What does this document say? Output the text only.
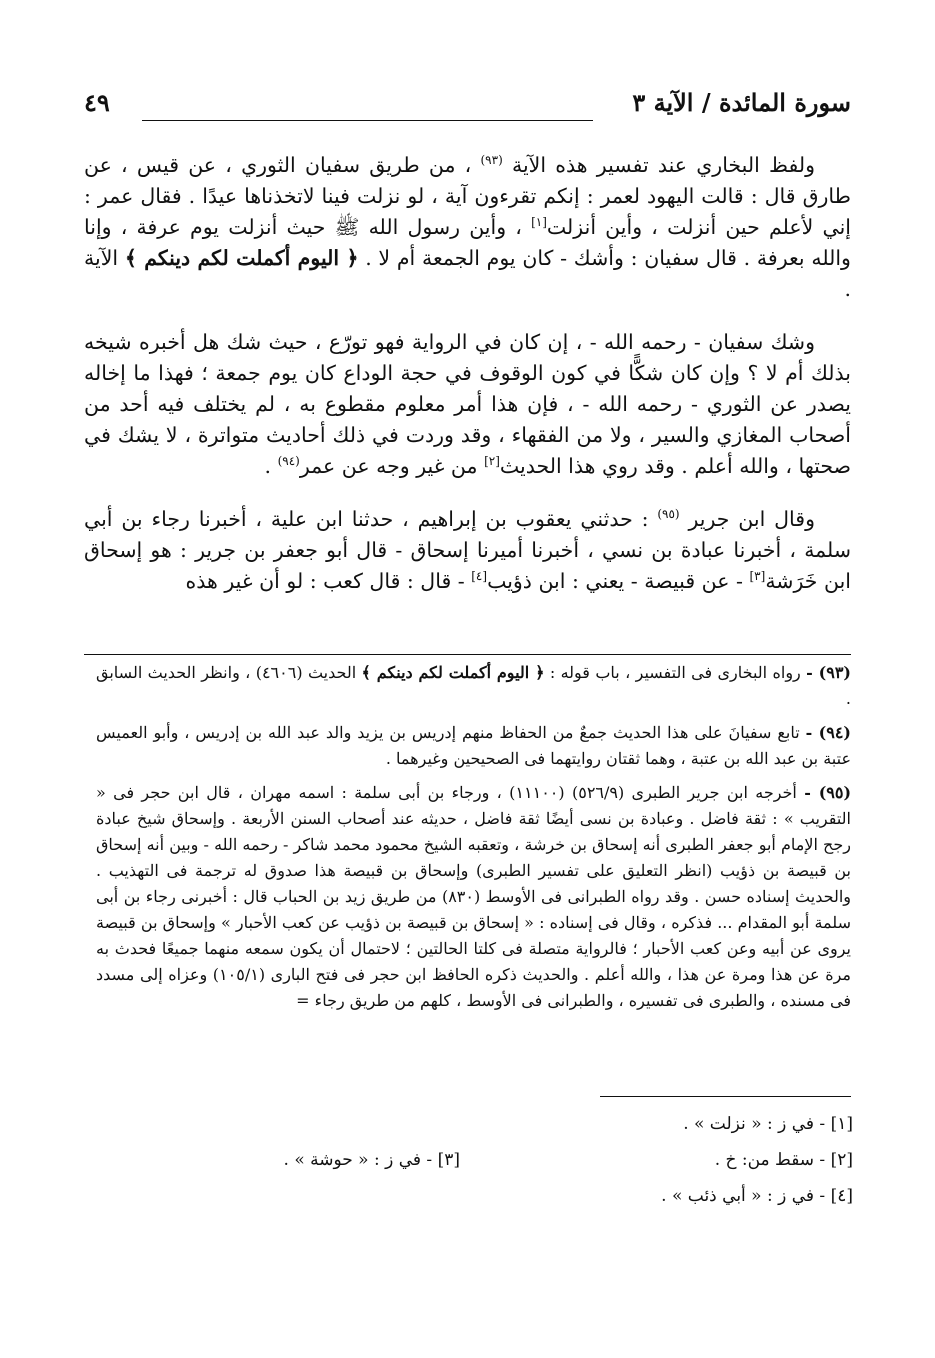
سورة المائدة / الآية ٣
٤٩

ولفظ البخاري عند تفسير هذه الآية $^{(٩٣)}$ ، من طريق سفيان الثوري ، عن قيس ، عن طارق قال : قالت اليهود لعمر : إنكم تقرءون آية ، لو نزلت فينا لاتخذناها عيدًا . فقال عمر : إني لأعلم حين أنزلت ، وأين أنزلت[١] ، وأين رسول الله ﷺ حيث أنزلت يوم عرفة ، وإنا والله بعرفة . قال سفيان : وأشك - كان يوم الجمعة أم لا . ﴿ اليوم أكملت لكم دينكم ﴾ الآية .

وشك سفيان - رحمه الله - ، إن كان في الرواية فهو تورّع ، حيث شك هل أخبره شيخه بذلك أم لا ؟ وإن كان شكًّا في كون الوقوف في حجة الوداع كان يوم جمعة ؛ فهذا ما إخاله يصدر عن الثوري - رحمه الله - ، فإن هذا أمر معلوم مقطوع به ، لم يختلف فيه أحد من أصحاب المغازي والسير ، ولا من الفقهاء ، وقد وردت في ذلك أحاديث متواترة ، لا يشك في صحتها ، والله أعلم . وقد روي هذا الحديث[٢] من غير وجه عن عمر$^{(٩٤)}$ .

وقال ابن جرير $^{(٩٥)}$ : حدثني يعقوب بن إبراهيم ، حدثنا ابن علية ، أخبرنا رجاء بن أبي سلمة ، أخبرنا عبادة بن نسي ، أخبرنا أميرنا إسحاق - قال أبو جعفر بن جرير : هو إسحاق ابن خَرَشة[٣] - عن قبيصة - يعني : ابن ذؤيب[٤] - قال : قال كعب : لو أن غير هذه

(٩٣) - رواه البخارى فى التفسير ، باب قوله : ﴿ اليوم أكملت لكم دينكم ﴾ الحديث (٤٦٠٦) ، وانظر الحديث السابق .

(٩٤) - تابع سفيانَ على هذا الحديث جمعٌ من الحفاظ منهم إدريس بن يزيد والد عبد الله بن إدريس ، وأبو العميس عتبة بن عبد الله بن عتبة ، وهما ثقتان روايتهما فى الصحيحين وغيرهما .

(٩٥) - أخرجه ابن جرير الطبرى (٥٢٦/٩) (١١١٠٠) ، ورجاء بن أبى سلمة : اسمه مهران ، قال ابن حجر فى « التقريب » : ثقة فاضل . وعبادة بن نسى أيضًا ثقة فاضل ، حديثه عند أصحاب السنن الأربعة . وإسحاق شيخ عبادة رجح الإمام أبو جعفر الطبرى أنه إسحاق بن خرشة ، وتعقبه الشيخ محمود محمد شاكر - رحمه الله - وبين أنه إسحاق بن قبيصة بن ذؤيب (انظر التعليق على تفسير الطبرى) وإسحاق بن قبيصة هذا صدوق له ترجمة فى التهذيب . والحديث إسناده حسن . وقد رواه الطبرانى فى الأوسط (٨٣٠) من طريق زيد بن الحباب قال : أخبرنى رجاء بن أبى سلمة أبو المقدام ... فذكره ، وقال فى إسناده : « إسحاق بن قبيصة بن ذؤيب عن كعب الأحبار » وإسحاق بن قبيصة يروى عن أبيه وعن كعب الأحبار ؛ فالرواية متصلة فى كلتا الحالتين ؛ لاحتمال أن يكون سمعه منهما جميعًا فحدث به مرة عن هذا ومرة عن هذا ، والله أعلم . والحديث ذكره الحافظ ابن حجر فى فتح البارى (١٠٥/١) وعزاه إلى مسدد فى مسنده ، والطبرى فى تفسيره ، والطبرانى فى الأوسط ، كلهم من طريق رجاء =

[١] - في ز : « نزلت » .
[٢] - سقط من: خ .
[٣] - في ز : « حوشة » .
[٤] - في ز : « أبي ذئب » .
